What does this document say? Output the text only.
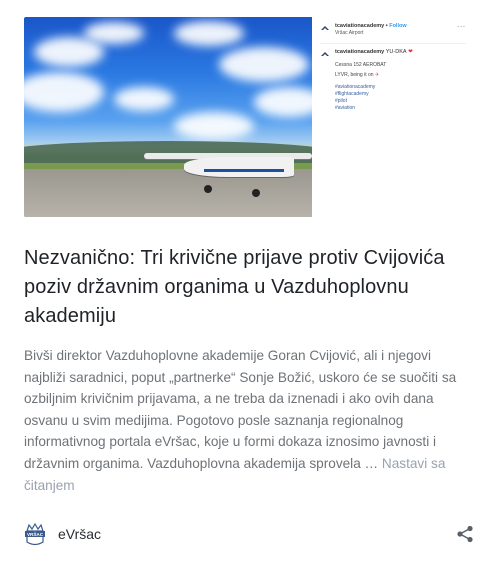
tcaviationacademy • Follow
Vršac Airport
...
tcaviationacademy YU-DKA ❤
Cessna 152 AEROBAT
LYVR, being it on ✈
#aviationacademy
#flightacademy
#pilot
#aviation
Nezvanično: Tri krivične prijave protiv Cvijovića poziv državnim organima u Vazduhoplovnu akademiju

Bivši direktor Vazduhoplovne akademije Goran Cvijović, ali i njegovi najbliži saradnici, poput „partnerke“ Sonje Božić, uskoro će se suočiti sa ozbiljnim krivičnim prijavama, a ne treba da iznenadi i ako ovih dana osvanu u svim medijima. Pogotovo posle saznanja regionalnog informativnog portala eVršac, koje u formi dokaza iznosimo javnosti i državnim organima. Vazduhoplovna akademija sprovela … Nastavi sa čitanjem

VRŠAC eVršac
